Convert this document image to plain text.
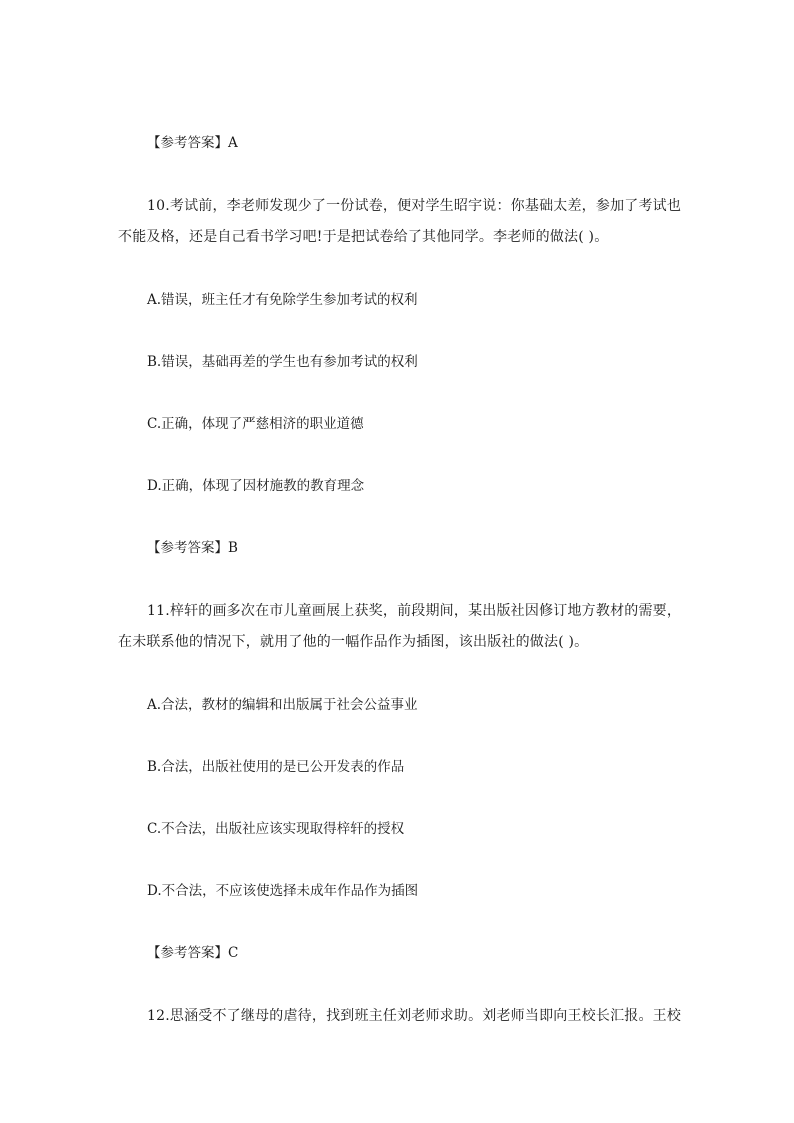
【参考答案】A
10.考试前，李老师发现少了一份试卷，便对学生昭宇说：你基础太差，参加了考试也
不能及格，还是自己看书学习吧!于是把试卷给了其他同学。李老师的做法( )。
A.错误，班主任才有免除学生参加考试的权利
B.错误，基础再差的学生也有参加考试的权利
C.正确，体现了严慈相济的职业道德
D.正确，体现了因材施教的教育理念
【参考答案】B
11.梓轩的画多次在市儿童画展上获奖，前段期间，某出版社因修订地方教材的需要，
在未联系他的情况下，就用了他的一幅作品作为插图，该出版社的做法( )。
A.合法，教材的编辑和出版属于社会公益事业
B.合法，出版社使用的是已公开发表的作品
C.不合法，出版社应该实现取得梓轩的授权
D.不合法，不应该使选择未成年作品作为插图
【参考答案】C
12.思涵受不了继母的虐待，找到班主任刘老师求助。刘老师当即向王校长汇报。王校
